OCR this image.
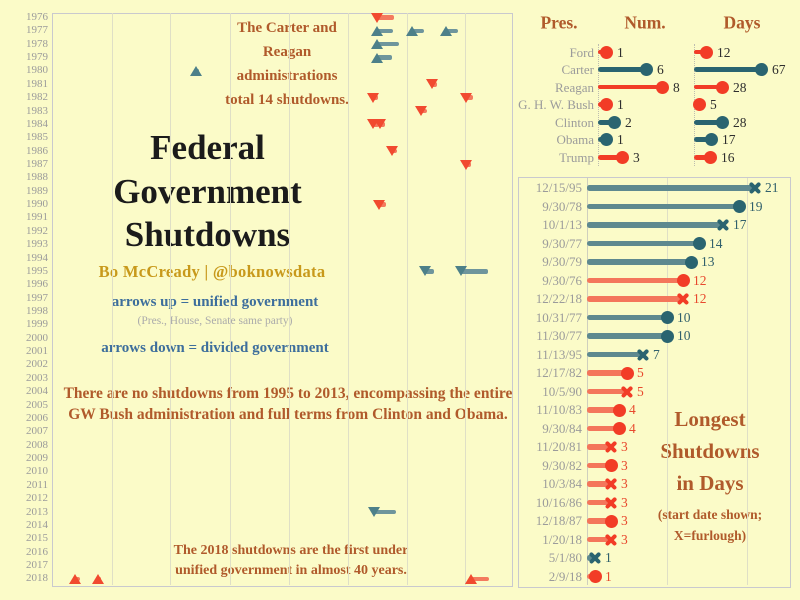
Federal
Government
Shutdowns
Bo McCready | @boknowsdata
arrows up = unified government
(Pres., House, Senate same party)
arrows down = divided government
The Carter and
Reagan
administrations
total 14 shutdowns.
There are no shutdowns from 1995 to 2013, encompassing the entire
GW Bush administration and full terms from Clinton and Obama.
The 2018 shutdowns are the first under
unified government in almost 40 years.
Pres.	Num.	Days
Longest
Shutdowns
in Days
(start date shown;
X=furlough)
1976
1977
1978
1979
1980
1981
1982
1983
1984
1985
1986
1987
1988
1989
1990
1991
1992
1993
1994
1995
1996
1997
1998
1999
2000
2001
2002
2003
2004
2005
2006
2007
2008
2009
2010
2011
2012
2013
2014
2015
2016
2017
2018
Ford 1	12
Carter	6	67
Reagan	8	28
G. H. W. Bush 1	5
Clinton 2	28
Obama 1	17
Trump	3	16
12/15/95	21
9/30/78	19
10/1/13	17
9/30/77	14
9/30/79	13
9/30/76	12
12/22/18	12
10/31/77	10
11/30/77	10
11/13/95	7
12/17/82	5
10/5/90	5
11/10/83	4
9/30/84	4
11/20/81	3
9/30/82	3
10/3/84	3
10/16/86	3
12/18/87	3
1/20/18	3
5/1/80 1
2/9/18 1
